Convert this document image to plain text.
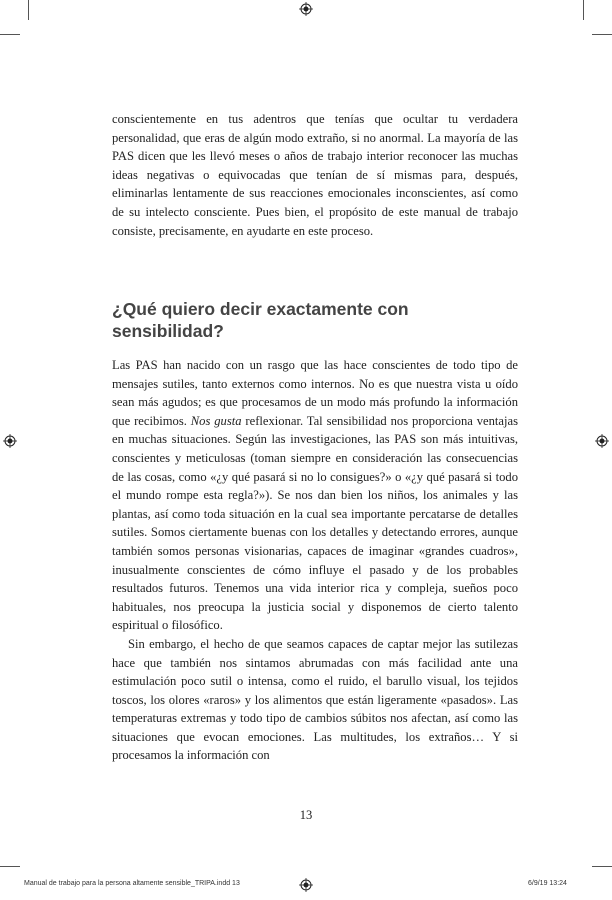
conscientemente en tus adentros que tenías que ocultar tu verdadera personalidad, que eras de algún modo extraño, si no anormal. La mayoría de las PAS dicen que les llevó meses o años de trabajo interior reconocer las muchas ideas negativas o equivocadas que tenían de sí mismas para, después, eliminarlas lentamente de sus reacciones emocionales inconscientes, así como de su intelecto consciente. Pues bien, el propósito de este manual de trabajo consiste, precisamente, en ayudarte en este proceso.

¿Qué quiero decir exactamente con sensibilidad?

Las PAS han nacido con un rasgo que las hace conscientes de todo tipo de mensajes sutiles, tanto externos como internos. No es que nuestra vista u oído sean más agudos; es que procesamos de un modo más profundo la información que recibimos. Nos gusta reflexionar. Tal sensibilidad nos proporciona ventajas en muchas situaciones. Según las investigaciones, las PAS son más intuitivas, conscientes y meticulosas (toman siempre en consideración las consecuencias de las cosas, como «¿y qué pasará si no lo consigues?» o «¿y qué pasará si todo el mundo rompe esta regla?»). Se nos dan bien los niños, los animales y las plantas, así como toda situación en la cual sea importante percatarse de detalles sutiles. Somos ciertamente buenas con los detalles y detectando errores, aunque también somos personas visionarias, capaces de imaginar «grandes cuadros», inusualmente conscientes de cómo influye el pasado y de los probables resultados futuros. Tenemos una vida interior rica y compleja, sueños poco habituales, nos preocupa la justicia social y disponemos de cierto talento espiritual o filosófico.

Sin embargo, el hecho de que seamos capaces de captar mejor las sutilezas hace que también nos sintamos abrumadas con más facilidad ante una estimulación poco sutil o intensa, como el ruido, el barullo visual, los tejidos toscos, los olores «raros» y los alimentos que están ligeramente «pasados». Las temperaturas extremas y todo tipo de cambios súbitos nos afectan, así como las situaciones que evocan emociones. Las multitudes, los extraños… Y si procesamos la información con

13
Manual de trabajo para la persona altamente sensible_TRIPA.indd 13	6/9/19 13:24
